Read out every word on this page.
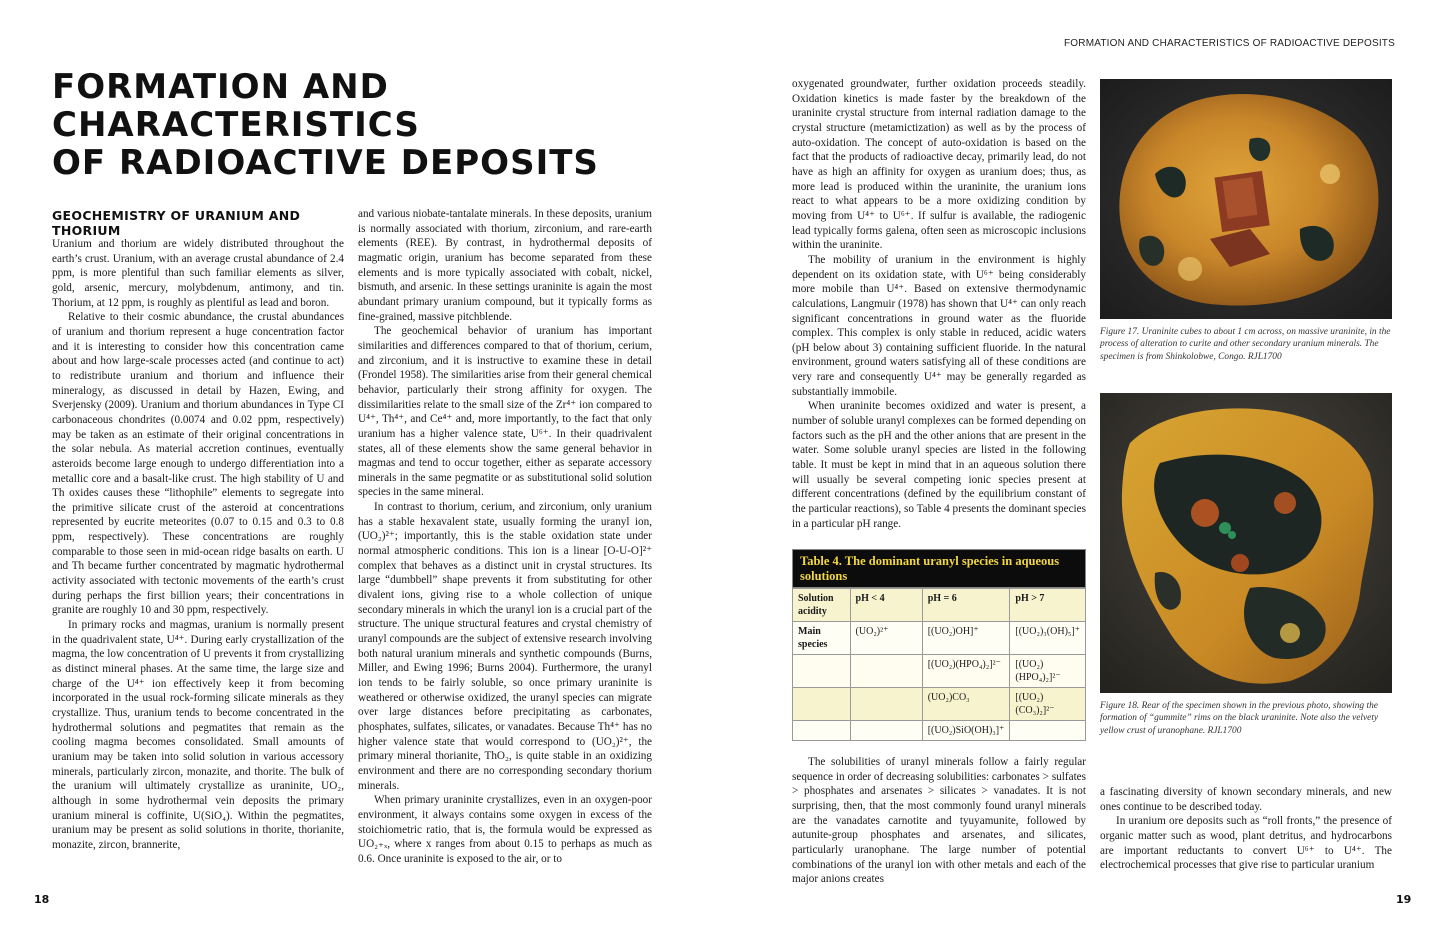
FORMATION AND CHARACTERISTICS OF RADIOACTIVE DEPOSITS
FORMATION AND CHARACTERISTICS
OF RADIOACTIVE DEPOSITS
GEOCHEMISTRY OF URANIUM AND THORIUM

Uranium and thorium are widely distributed throughout the earth’s crust. Uranium, with an average crustal abundance of 2.4 ppm, is more plentiful than such familiar elements as silver, gold, arsenic, mercury, molybdenum, antimony, and tin. Thorium, at 12 ppm, is roughly as plentiful as lead and boron.

Relative to their cosmic abundance, the crustal abundances of uranium and thorium represent a huge concentration factor and it is interesting to consider how this concentration came about and how large-scale processes acted (and continue to act) to redistribute uranium and thorium and influence their mineralogy, as discussed in detail by Hazen, Ewing, and Sverjensky (2009). Uranium and thorium abundances in Type CI carbonaceous chondrites (0.0074 and 0.02 ppm, respectively) may be taken as an estimate of their original concentrations in the solar nebula. As material accretion continues, eventually asteroids become large enough to undergo differentiation into a metallic core and a basalt-like crust. The high stability of U and Th oxides causes these “lithophile” elements to segregate into the primitive silicate crust of the asteroid at concentrations represented by eucrite meteorites (0.07 to 0.15 and 0.3 to 0.8 ppm, respectively). These concentrations are roughly comparable to those seen in mid-ocean ridge basalts on earth. U and Th became further concentrated by magmatic hydrothermal activity associated with tectonic movements of the earth’s crust during perhaps the first billion years; their concentrations in granite are roughly 10 and 30 ppm, respectively.

In primary rocks and magmas, uranium is normally present in the quadrivalent state, U⁴⁺. During early crystallization of the magma, the low concentration of U prevents it from crystallizing as distinct mineral phases. At the same time, the large size and charge of the U⁴⁺ ion effectively keep it from becoming incorporated in the usual rock-forming silicate minerals as they crystallize. Thus, uranium tends to become concentrated in the hydrothermal solutions and pegmatites that remain as the cooling magma becomes consolidated. Small amounts of uranium may be taken into solid solution in various accessory minerals, particularly zircon, monazite, and thorite. The bulk of the uranium will ultimately crystallize as uraninite, UO₂, although in some hydrothermal vein deposits the primary uranium mineral is coffinite, U(SiO₄). Within the pegmatites, uranium may be present as solid solutions in thorite, thorianite, monazite, zircon, brannerite,

and various niobate-tantalate minerals. In these deposits, uranium is normally associated with thorium, zirconium, and rare-earth elements (REE). By contrast, in hydrothermal deposits of magmatic origin, uranium has become separated from these elements and is more typically associated with cobalt, nickel, bismuth, and arsenic. In these settings uraninite is again the most abundant primary uranium compound, but it typically forms as fine-grained, massive pitchblende.

The geochemical behavior of uranium has important similarities and differences compared to that of thorium, cerium, and zirconium, and it is instructive to examine these in detail (Frondel 1958). The similarities arise from their general chemical behavior, particularly their strong affinity for oxygen. The dissimilarities relate to the small size of the Zr⁴⁺ ion compared to U⁴⁺, Th⁴⁺, and Ce⁴⁺ and, more importantly, to the fact that only uranium has a higher valence state, U⁶⁺. In their quadrivalent states, all of these elements show the same general behavior in magmas and tend to occur together, either as separate accessory minerals in the same pegmatite or as substitutional solid solution species in the same mineral.

In contrast to thorium, cerium, and zirconium, only uranium has a stable hexavalent state, usually forming the uranyl ion, (UO₂)²⁺; importantly, this is the stable oxidation state under normal atmospheric conditions. This ion is a linear [O-U-O]²⁺ complex that behaves as a distinct unit in crystal structures. Its large “dumbbell” shape prevents it from substituting for other divalent ions, giving rise to a whole collection of unique secondary minerals in which the uranyl ion is a crucial part of the structure. The unique structural features and crystal chemistry of uranyl compounds are the subject of extensive research involving both natural uranium minerals and synthetic compounds (Burns, Miller, and Ewing 1996; Burns 2004). Furthermore, the uranyl ion tends to be fairly soluble, so once primary uraninite is weathered or otherwise oxidized, the uranyl species can migrate over large distances before precipitating as carbonates, phosphates, sulfates, silicates, or vanadates. Because Th⁴⁺ has no higher valence state that would correspond to (UO₂)²⁺, the primary mineral thorianite, ThO₂, is quite stable in an oxidizing environment and there are no corresponding secondary thorium minerals.

When primary uraninite crystallizes, even in an oxygen-poor environment, it always contains some oxygen in excess of the stoichiometric ratio, that is, the formula would be expressed as UO₂₊ₓ, where x ranges from about 0.15 to perhaps as much as 0.6. Once uraninite is exposed to the air, or to

oxygenated groundwater, further oxidation proceeds steadily. Oxidation kinetics is made faster by the breakdown of the uraninite crystal structure from internal radiation damage to the crystal structure (metamictization) as well as by the process of auto-oxidation. The concept of auto-oxidation is based on the fact that the products of radioactive decay, primarily lead, do not have as high an affinity for oxygen as uranium does; thus, as more lead is produced within the uraninite, the uranium ions react to what appears to be a more oxidizing condition by moving from U⁴⁺ to U⁶⁺. If sulfur is available, the radiogenic lead typically forms galena, often seen as microscopic inclusions within the uraninite.

The mobility of uranium in the environment is highly dependent on its oxidation state, with U⁶⁺ being considerably more mobile than U⁴⁺. Based on extensive thermodynamic calculations, Langmuir (1978) has shown that U⁴⁺ can only reach significant concentrations in ground water as the fluoride complex. This complex is only stable in reduced, acidic waters (pH below about 3) containing sufficient fluoride. In the natural environment, ground waters satisfying all of these conditions are very rare and consequently U⁴⁺ may be generally regarded as substantially immobile.

When uraninite becomes oxidized and water is present, a number of soluble uranyl complexes can be formed depending on factors such as the pH and the other anions that are present in the water. Some soluble uranyl species are listed in the following table. It must be kept in mind that in an aqueous solution there will usually be several competing ionic species present at different concentrations (defined by the equilibrium constant of the particular reactions), so Table 4 presents the dominant species in a particular pH range.

Table 4. The dominant uranyl species in aqueous solutions
Solution acidity	pH < 4	pH = 6	pH > 7
Main species	(UO₂)²⁺	[(UO₂)OH]⁺	[(UO₂)₃(OH)₅]⁺
		[(UO₂)(HPO₄)₂]²⁻	[(UO₂)(HPO₄)₂]²⁻
		(UO₂)CO₃	[(UO₂)(CO₃)₂]²⁻
		[(UO₂)SiO(OH)₃]⁺	

The solubilities of uranyl minerals follow a fairly regular sequence in order of decreasing solubilities: carbonates > sulfates > phosphates and arsenates > silicates > vanadates. It is not surprising, then, that the most commonly found uranyl minerals are the vanadates carnotite and tyuyamunite, followed by autunite-group phosphates and arsenates, and silicates, particularly uranophane. The large number of potential combinations of the uranyl ion with other metals and each of the major anions creates

a fascinating diversity of known secondary minerals, and new ones continue to be described today.

In uranium ore deposits such as “roll fronts,” the presence of organic matter such as wood, plant detritus, and hydrocarbons are important reductants to convert U⁶⁺ to U⁴⁺. The electrochemical processes that give rise to particular uranium

Figure 17. Uraninite cubes to about 1 cm across, on massive uraninite, in the process of alteration to curite and other secondary uranium minerals. The specimen is from Shinkolobwe, Congo. RJL1700
Figure 18. Rear of the specimen shown in the previous photo, showing the formation of “gummite” rims on the black uraninite. Note also the velvety yellow crust of uranophane. RJL1700
18	19
